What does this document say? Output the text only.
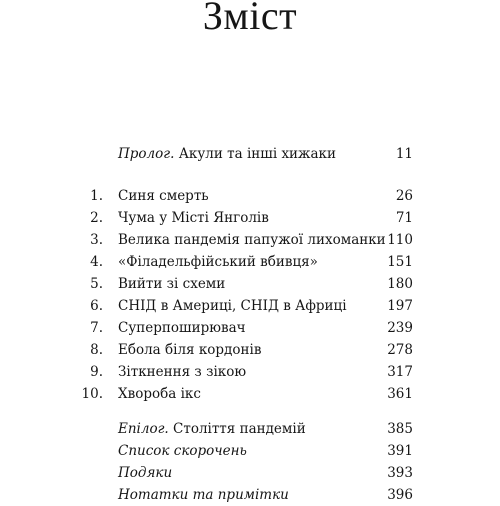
Зміст
Пролог. Акули та інші хижаки	11
1. Синя смерть	26
2. Чума у Місті Янголів	71
3. Велика пандемія папужої лихоманки 110
4. «Філадельфійський вбивця»	151
5. Вийти зі схеми	180
6. СНІД в Америці, СНІД в Африці	197
7. Суперпоширювач	239
8. Ебола біля кордонів	278
9. Зіткнення з зікою	317
10. Хвороба ікс	361
Епілог. Століття пандемій	385
Список скорочень	391
Подяки	393
Нотатки та примітки	396
